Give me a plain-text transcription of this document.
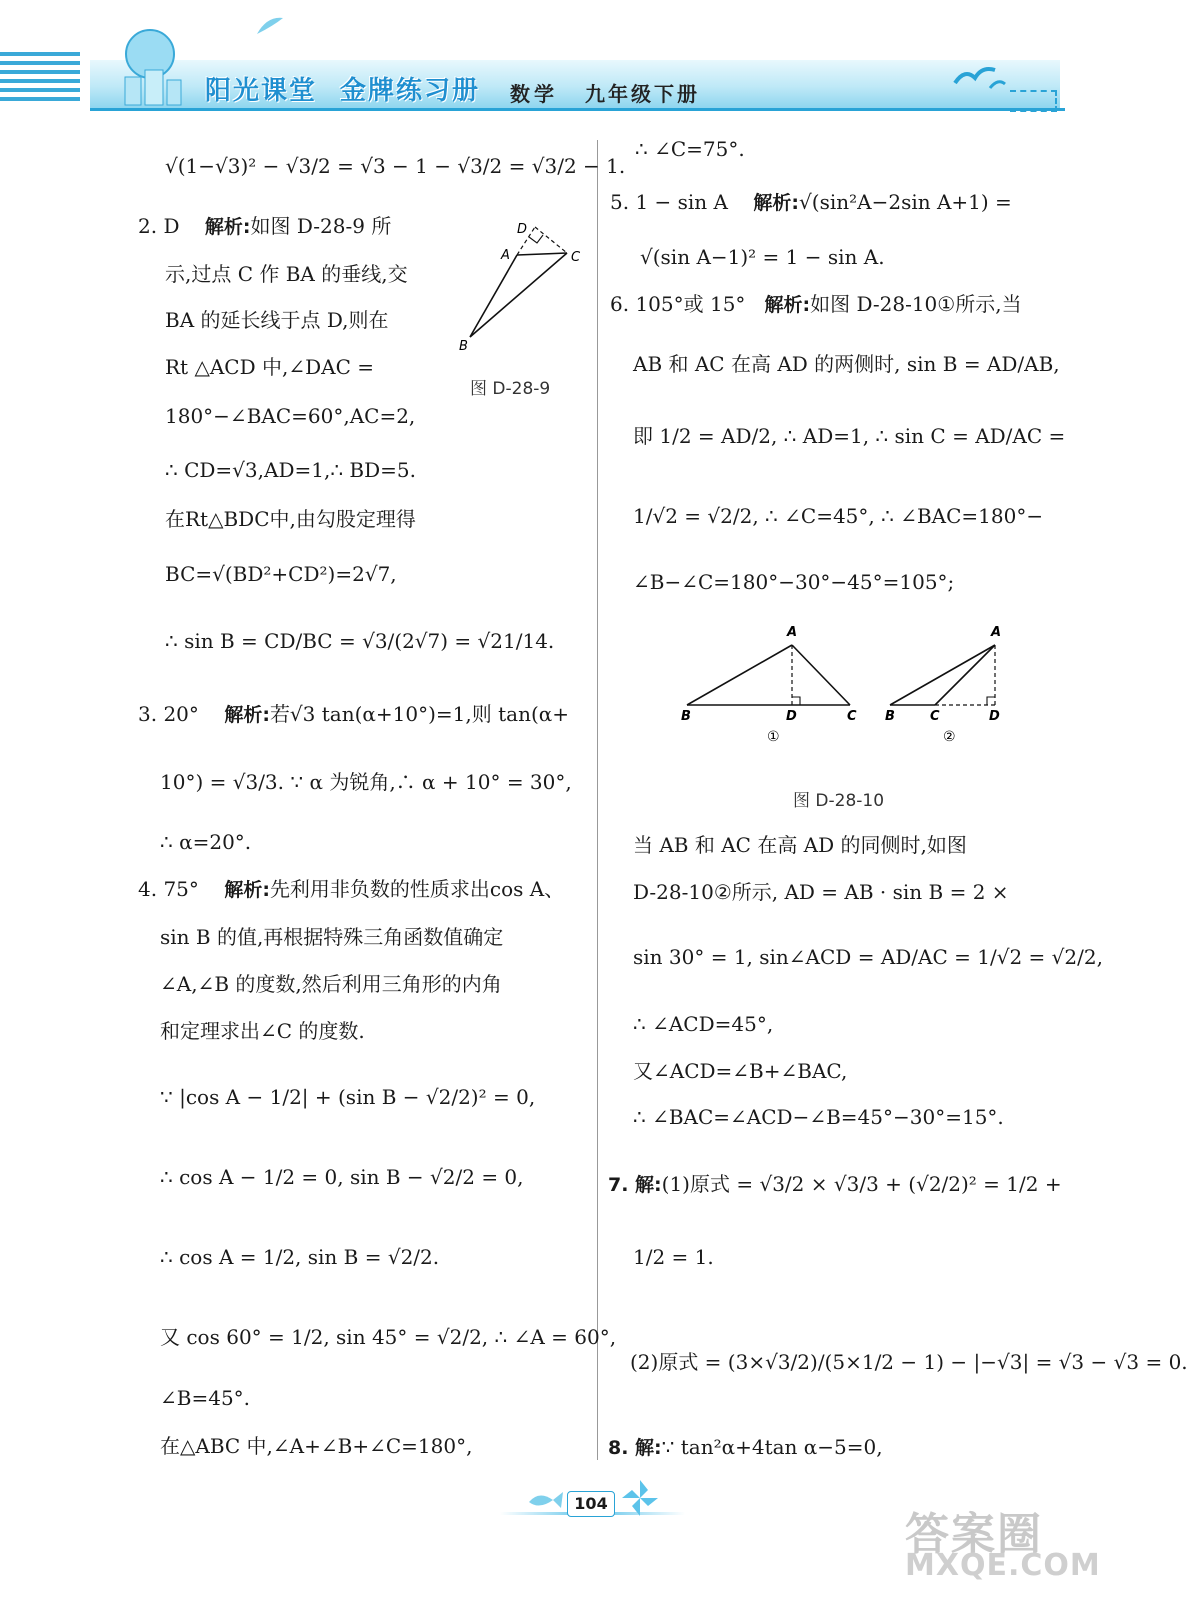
阳光课堂 金牌练习册 数学 九年级下册
√(1−√3)² − √3/2 = √3 − 1 − √3/2 = √3/2 − 1.
2. D 解析:如图 D-28-9 所
示,过点 C 作 BA 的垂线,交
BA 的延长线于点 D,则在
Rt △ACD 中,∠DAC =
180°−∠BAC=60°,AC=2,
∴ CD=√3,AD=1,∴ BD=5.
在Rt△BDC中,由勾股定理得
BC=√(BD²+CD²)=2√7,
∴ sin B = CD/BC = √3/(2√7) = √21/14.
D
A	C
B
图 D-28-9
3. 20° 解析:若√3 tan(α+10°)=1,则 tan(α+
10°) = √3/3. ∵ α 为锐角,∴ α + 10° = 30°,
∴ α=20°.
4. 75° 解析:先利用非负数的性质求出cos A、
sin B 的值,再根据特殊三角函数值确定
∠A,∠B 的度数,然后利用三角形的内角
和定理求出∠C 的度数.
∵ |cos A − 1/2| + (sin B − √2/2)² = 0,
∴ cos A − 1/2 = 0, sin B − √2/2 = 0,
∴ cos A = 1/2, sin B = √2/2.
又 cos 60° = 1/2, sin 45° = √2/2, ∴ ∠A = 60°,
∠B=45°.
在△ABC 中,∠A+∠B+∠C=180°,
∴ ∠C=75°.
5. 1 − sin A 解析:√(sin²A−2sin A+1) =
√(sin A−1)² = 1 − sin A.
6. 105°或 15° 解析:如图 D-28-10①所示,当
AB 和 AC 在高 AD 的两侧时, sin B = AD/AB,
即 1/2 = AD/2, ∴ AD=1, ∴ sin C = AD/AC =
1/√2 = √2/2, ∴ ∠C=45°, ∴ ∠BAC=180°−
∠B−∠C=180°−30°−45°=105°;
A
B	D	C
①
A
B	C	D
②
图 D-28-10
当 AB 和 AC 在高 AD 的同侧时,如图
D-28-10②所示, AD = AB · sin B = 2 ×
sin 30° = 1, sin∠ACD = AD/AC = 1/√2 = √2/2,
∴ ∠ACD=45°,
又∠ACD=∠B+∠BAC,
∴ ∠BAC=∠ACD−∠B=45°−30°=15°.
7. 解:(1)原式 = √3/2 × √3/3 + (√2/2)² = 1/2 +
1/2 = 1.
(2)原式 = (3×√3/2)/(5×1/2 − 1) − |−√3| = √3 − √3 = 0.
8. 解:∵ tan²α+4tan α−5=0,
104
答案圈
MXQE.COM
